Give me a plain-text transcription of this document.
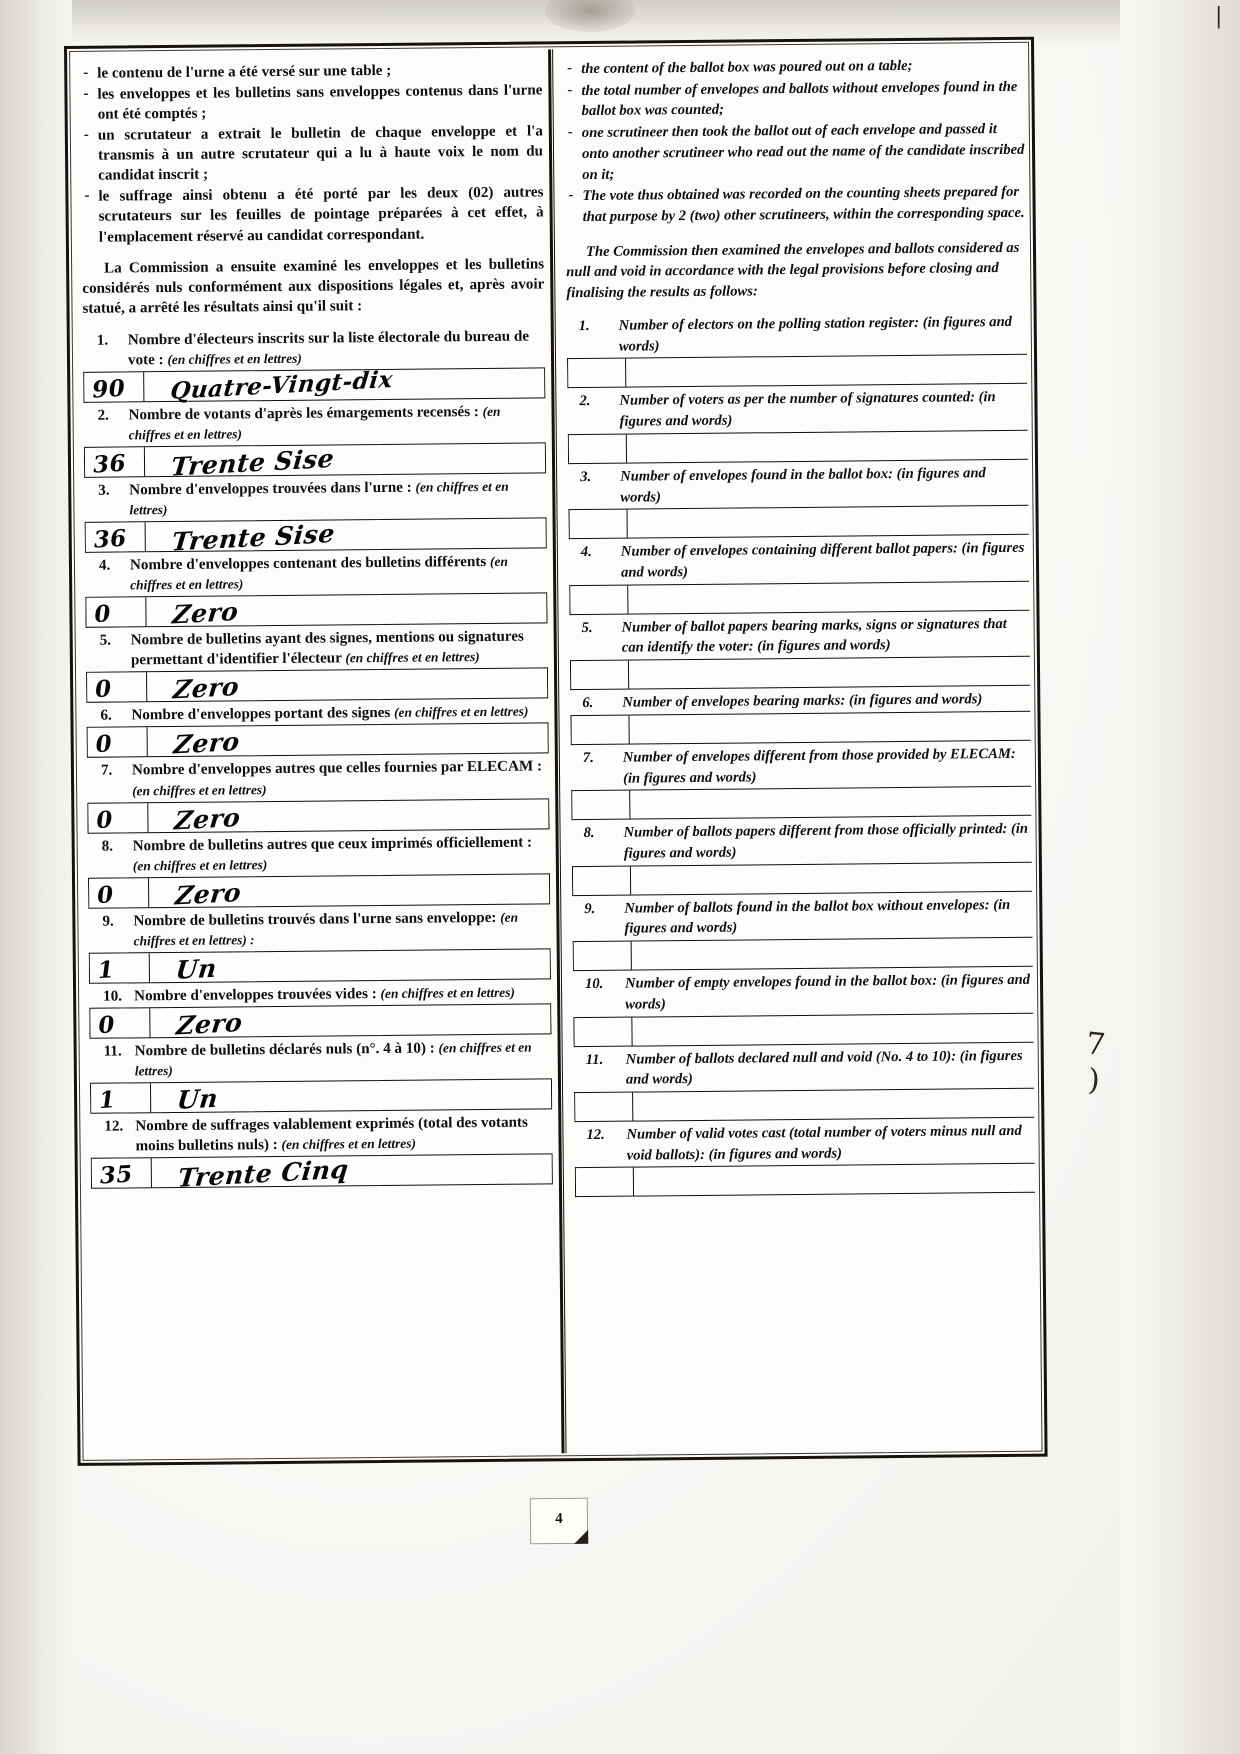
- le contenu de l'urne a été versé sur une table ;
- les enveloppes et les bulletins sans enveloppes contenus dans l'urne ont été comptés ;
- un scrutateur a extrait le bulletin de chaque enveloppe et l'a transmis à un autre scrutateur qui a lu à haute voix le nom du candidat inscrit ;
- le suffrage ainsi obtenu a été porté par les deux (02) autres scrutateurs sur les feuilles de pointage préparées à cet effet, à l'emplacement réservé au candidat correspondant.

La Commission a ensuite examiné les enveloppes et les bulletins considérés nuls conformément aux dispositions légales et, après avoir statué, a arrêté les résultats ainsi qu'il suit :

1.	Nombre d'électeurs inscrits sur la liste électorale du bureau de vote : (en chiffres et en lettres)
90 Quatre-Vingt-dix
2.	Nombre de votants d'après les émargements recensés : (en chiffres et en lettres)
36 Trente Sise
3.	Nombre d'enveloppes trouvées dans l'urne : (en chiffres et en lettres)
36 Trente Sise
4.	Nombre d'enveloppes contenant des bulletins différents (en chiffres et en lettres)
0 Zero
5.	Nombre de bulletins ayant des signes, mentions ou signatures permettant d'identifier l'électeur (en chiffres et en lettres)
0 Zero
6.	Nombre d'enveloppes portant des signes (en chiffres et en lettres)
0 Zero
7.	Nombre d'enveloppes autres que celles fournies par ELECAM : (en chiffres et en lettres)
0 Zero
8.	Nombre de bulletins autres que ceux imprimés officiellement : (en chiffres et en lettres)
0 Zero
9.	Nombre de bulletins trouvés dans l'urne sans enveloppe: (en chiffres et en lettres) :
1 Un
10. Nombre d'enveloppes trouvées vides : (en chiffres et en lettres)
0 Zero
11. Nombre de bulletins déclarés nuls (n°. 4 à 10) : (en chiffres et en lettres)
1 Un
12. Nombre de suffrages valablement exprimés (total des votants moins bulletins nuls) : (en chiffres et en lettres)
35 Trente Cinq
- the content of the ballot box was poured out on a table;
- the total number of envelopes and ballots without envelopes found in the ballot box was counted;
- one scrutineer then took the ballot out of each envelope and passed it onto another scrutineer who read out the name of the candidate inscribed on it;
- The vote thus obtained was recorded on the counting sheets prepared for that purpose by 2 (two) other scrutineers, within the corresponding space.

The Commission then examined the envelopes and ballots considered as null and void in accordance with the legal provisions before closing and finalising the results as follows:

1.	Number of electors on the polling station register: (in figures and words)
2.	Number of voters as per the number of signatures counted: (in figures and words)
3.	Number of envelopes found in the ballot box: (in figures and words)
4.	Number of envelopes containing different ballot papers: (in figures and words)
5.	Number of ballot papers bearing marks, signs or signatures that can identify the voter: (in figures and words)
6.	Number of envelopes bearing marks: (in figures and words)
7.	Number of envelopes different from those provided by ELECAM: (in figures and words)
8.	Number of ballots papers different from those officially printed: (in figures and words)
9.	Number of ballots found in the ballot box without envelopes: (in figures and words)
10.	Number of empty envelopes found in the ballot box: (in figures and words)
11.	Number of ballots declared null and void (No. 4 to 10): (in figures and words)
12.	Number of valid votes cast (total number of voters minus null and void ballots): (in figures and words)
4
7
)
|
